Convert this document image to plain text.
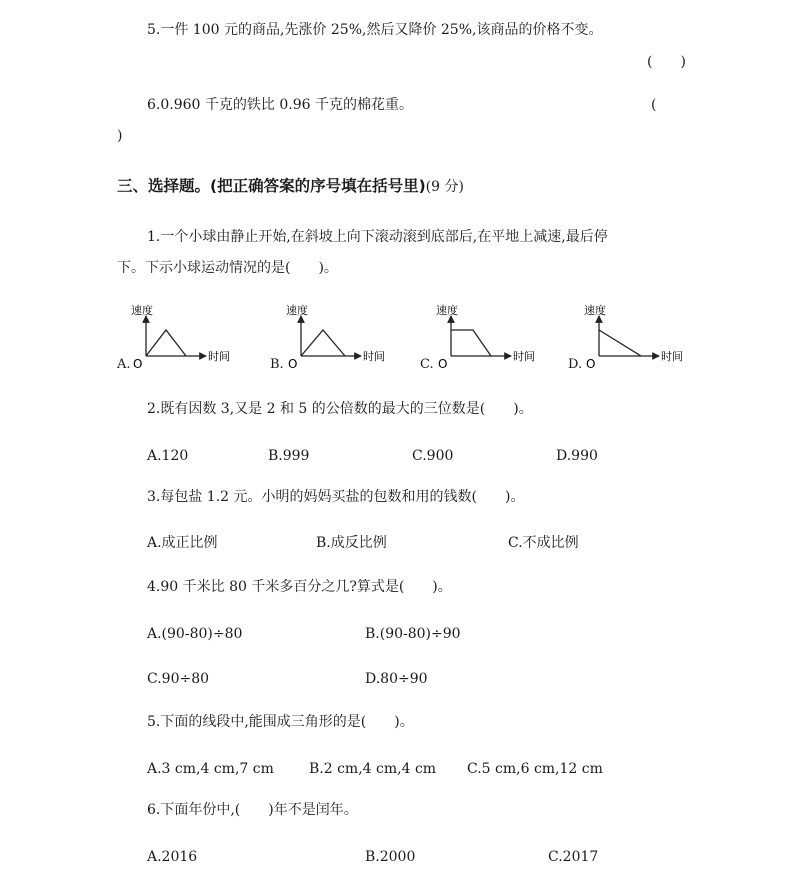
5.一件 100 元的商品,先涨价 25%,然后又降价 25%,该商品的价格不变。
(　　)
6.0.960 千克的铁比 0.96 千克的棉花重。	(
)
三、选择题。(把正确答案的序号填在括号里)(9 分)
1.一个小球由静止开始,在斜坡上向下滚动滚到底部后,在平地上减速,最后停
下。下示小球运动情况的是(　　)。
A.
速度
时间
O	B.
速度
时间
O	C.
速度
时间
O	D.
速度
时间
O
2.既有因数 3,又是 2 和 5 的公倍数的最大的三位数是(　　)。
A.120	B.999	C.900	D.990
3.每包盐 1.2 元。小明的妈妈买盐的包数和用的钱数(　　)。
A.成正比例	B.成反比例	C.不成比例
4.90 千米比 80 千米多百分之几?算式是(　　)。
A.(90-80)÷80	B.(90-80)÷90
C.90÷80	D.80÷90
5.下面的线段中,能围成三角形的是(　　)。
A.3 cm,4 cm,7 cm	B.2 cm,4 cm,4 cm C.5 cm,6 cm,12 cm
6.下面年份中,(　　)年不是闰年。
A.2016	B.2000	C.2017
